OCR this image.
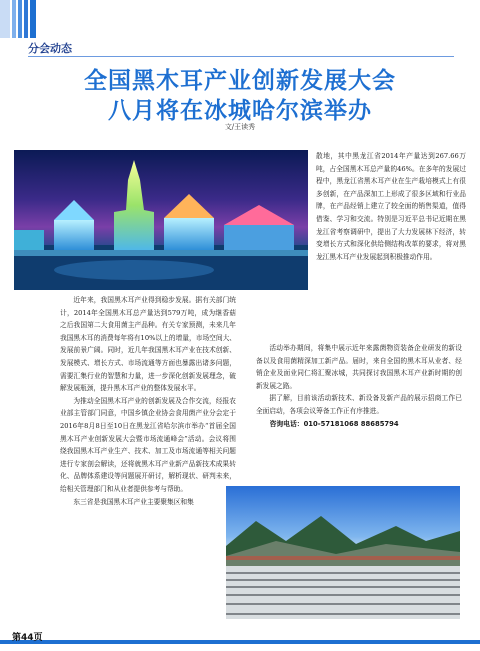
分会动态
全国黑木耳产业创新发展大会
八月将在冰城哈尔滨举办
文/王读秀

散地，其中黑龙江省2014年产量达到267.66万吨，占全国黑木耳总产量的46%。在多年的发展过程中，黑龙江省黑木耳产业在生产栽培模式上有很多创新，在产品深加工上形成了很多区域和行业品牌，在产品经销上建立了较全面的销售渠道，值得借鉴、学习和交流。特别是习近平总书记近期在黑龙江省考察调研中，提出了大力发展林下经济，转变增长方式和深化供给侧结构改革的要求，将对黑龙江黑木耳产业发展起到积极推动作用。

近年来，我国黑木耳产业得到稳步发展。据有关部门统计，2014年全国黑木耳总产量达到579万吨，成为继香菇之后我国第二大食用菌主产品种。有关专家预测，未来几年我国黑木耳的消费每年将有10%以上的增量，市场空间大、发展前景广阔。同时，近几年我国黑木耳产业在技术创新、发展模式、增长方式、市场流通等方面也暴露出诸多问题，需要汇集行业的智慧和力量，进一步深化创新发展理念，破解发展瓶颈，提升黑木耳产业的整体发展水平。

为推动全国黑木耳产业的创新发展及合作交流，经报农业部主管部门同意，中国乡镇企业协会食用菌产业分会定于2016年8月8日至10日在黑龙江省哈尔滨市举办“首届全国黑木耳产业创新发展大会暨市场流通峰会”活动。会议将围绕我国黑木耳产业生产、技术、加工及市场流通等相关问题进行专家剖会解读，还将就黑木耳产业新产品新技术成果转化、品牌体系建设等问题展开研讨，解析现状、研判未来，给相关管理部门和从业者提供参考与帮助。

东三省是我国黑木耳产业主要聚集区和集

活动举办期间，将集中展示近年来露菌物资装备企业研发的新设备以及食用菌精深加工新产品。届时，来自全国的黑木耳从业者、经销企业及面业同仁将汇聚冰城，共同探讨我国黑木耳产业新时期的创新发展之路。

据了解，目前该活动新技术、新设备及新产品的展示招商工作已全面启动，各项会议筹备工作正有序推进。

咨询电话：010-57181068 88685794

第44页
